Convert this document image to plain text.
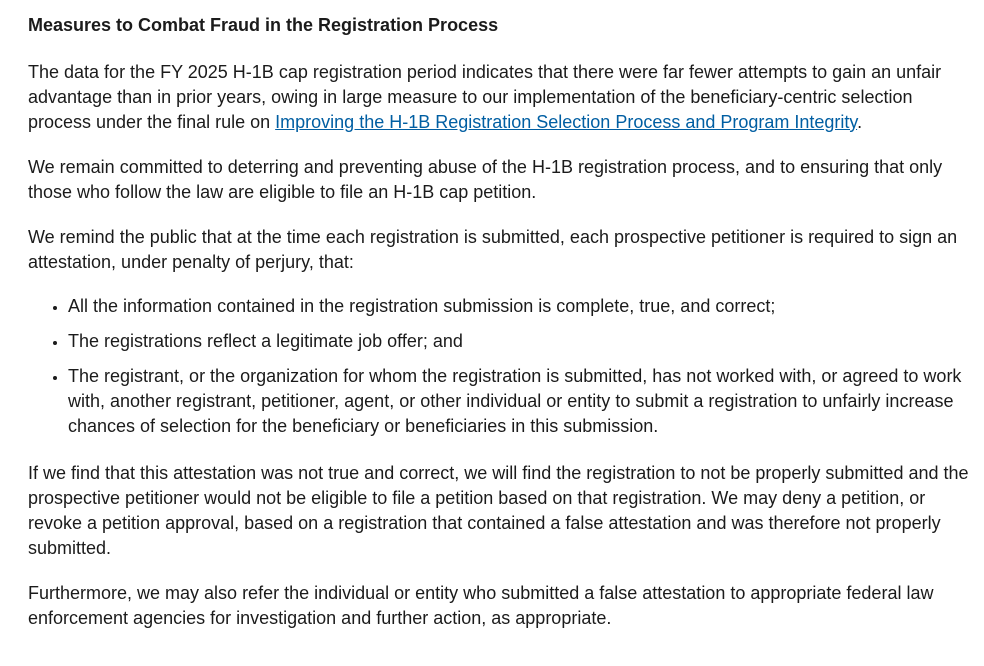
Measures to Combat Fraud in the Registration Process

The data for the FY 2025 H-1B cap registration period indicates that there were far fewer attempts to gain an unfair advantage than in prior years, owing in large measure to our implementation of the beneficiary-centric selection process under the final rule on Improving the H-1B Registration Selection Process and Program Integrity.

We remain committed to deterring and preventing abuse of the H-1B registration process, and to ensuring that only those who follow the law are eligible to file an H-1B cap petition.

We remind the public that at the time each registration is submitted, each prospective petitioner is required to sign an attestation, under penalty of perjury, that:

• All the information contained in the registration submission is complete, true, and correct;
• The registrations reflect a legitimate job offer; and
• The registrant, or the organization for whom the registration is submitted, has not worked with, or agreed to work with, another registrant, petitioner, agent, or other individual or entity to submit a registration to unfairly increase chances of selection for the beneficiary or beneficiaries in this submission.

If we find that this attestation was not true and correct, we will find the registration to not be properly submitted and the prospective petitioner would not be eligible to file a petition based on that registration. We may deny a petition, or revoke a petition approval, based on a registration that contained a false attestation and was therefore not properly submitted.

Furthermore, we may also refer the individual or entity who submitted a false attestation to appropriate federal law enforcement agencies for investigation and further action, as appropriate.
